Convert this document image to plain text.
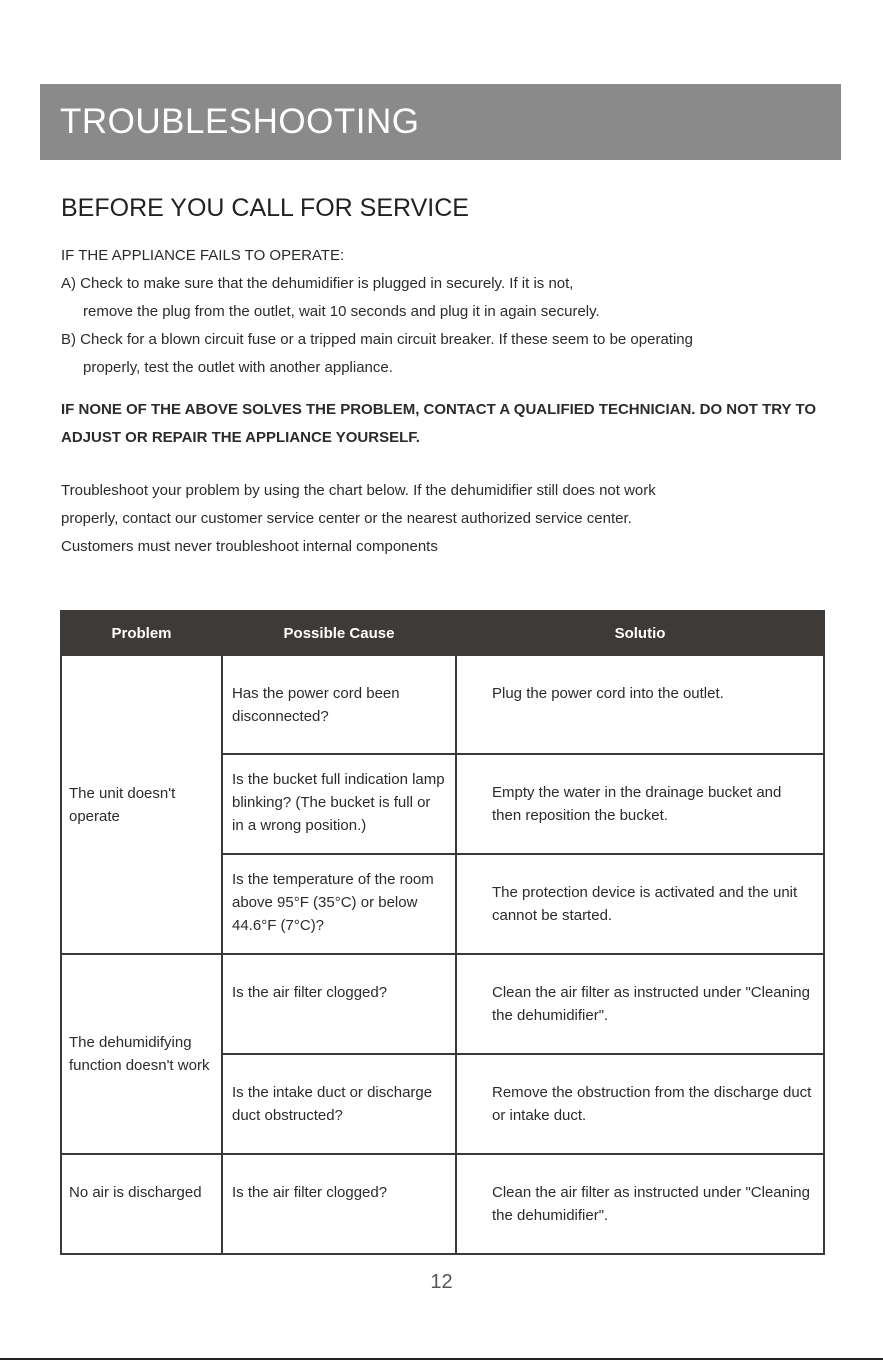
TROUBLESHOOTING
BEFORE YOU CALL FOR SERVICE
IF THE APPLIANCE FAILS TO OPERATE:
A) Check to make sure that the dehumidifier is plugged in securely. If it is not,
remove the plug from the outlet, wait 10 seconds and plug it in again securely.
B) Check for a blown circuit fuse or a tripped main circuit breaker. If these seem to be operating
properly, test the outlet with another appliance.
IF NONE OF THE ABOVE SOLVES THE PROBLEM, CONTACT A QUALIFIED TECHNICIAN. DO NOT TRY TO
ADJUST OR REPAIR THE APPLIANCE YOURSELF.
Troubleshoot your problem by using the chart below. If the dehumidifier still does not work
properly, contact our customer service center or the nearest authorized service center.
Customers must never troubleshoot internal components
Problem	Possible Cause	Solutio
The unit doesn't operate	Has the power cord been disconnected?	Plug the power cord into the outlet.
	Is the bucket full indication lamp blinking? (The bucket is full or in a wrong position.)	Empty the water in the drainage bucket and then reposition the bucket.
	Is the temperature of the room above 95°F (35°C) or below 44.6°F (7°C)?	The protection device is activated and the unit cannot be started.
The dehumidifying function doesn't work	Is the air filter clogged?	Clean the air filter as instructed under "Cleaning the dehumidifier".
	Is the intake duct or discharge duct obstructed?	Remove the obstruction from the discharge duct or intake duct.
No air is discharged	Is the air filter clogged?	Clean the air filter as instructed under "Cleaning the dehumidifier".
12
